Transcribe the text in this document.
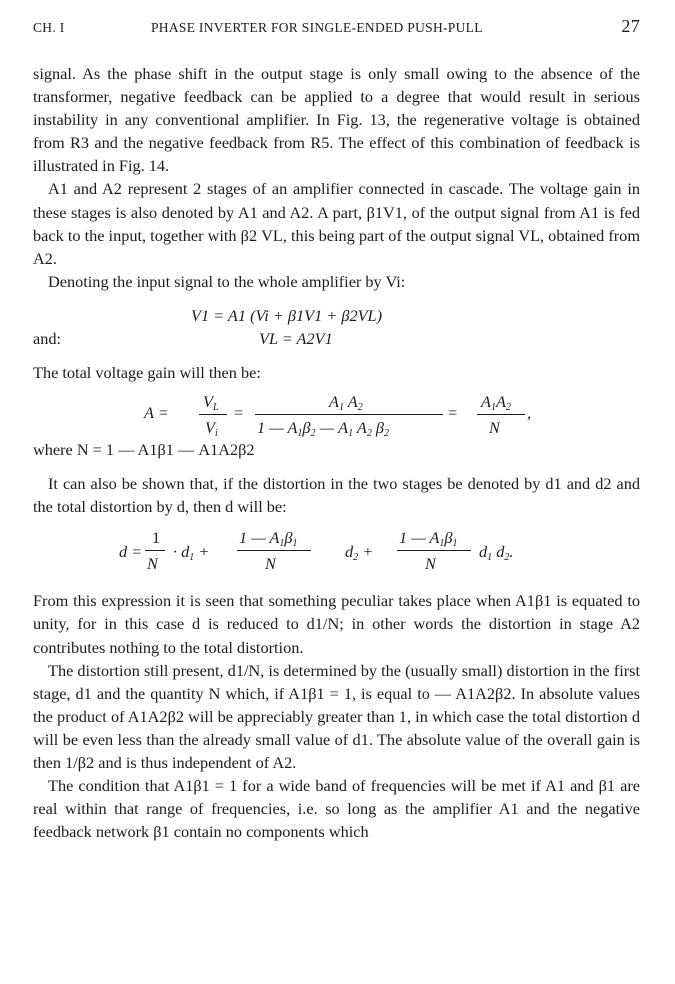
CH. I	PHASE INVERTER FOR SINGLE-ENDED PUSH-PULL	27

signal. As the phase shift in the output stage is only small owing to the absence of the transformer, negative feedback can be applied to a degree that would result in serious instability in any conventional amplifier. In Fig. 13, the regenerative voltage is obtained from R3 and the negative feedback from R5. The effect of this combination of feedback is illustrated in Fig. 14.

A1 and A2 represent 2 stages of an amplifier connected in cascade. The voltage gain in these stages is also denoted by A1 and A2. A part, β1V1, of the output signal from A1 is fed back to the input, together with β2 VL, this being part of the output signal VL, obtained from A2.

Denoting the input signal to the whole amplifier by Vi:

V1 = A1 (Vi + β1V1 + β2VL)
and:	VL = A2V1

The total voltage gain will then be:

A =
$V_L$
$V_i$
=
$A_1$ $A_2$
1 — $A_1\beta_2$ — $A_1$ $A_2$ $\beta_2$
=
$A_1A_2$
N
,

where N = 1 — A1β1 — A1A2β2

It can also be shown that, if the distortion in the two stages be denoted by d1 and d2 and the total distortion by d, then d will be:

d =
1
N
· $d_1$ +
1 — $A_1\beta_1$
N
$d_2$ +
1 — $A_1\beta_1$
N
$d_1$ $d_2$.

From this expression it is seen that something peculiar takes place when A1β1 is equated to unity, for in this case d is reduced to d1/N; in other words the distortion in stage A2 contributes nothing to the total distortion.

The distortion still present, d1/N, is determined by the (usually small) distortion in the first stage, d1 and the quantity N which, if A1β1 = 1, is equal to — A1A2β2. In absolute values the product of A1A2β2 will be appreciably greater than 1, in which case the total distortion d will be even less than the already small value of d1. The absolute value of the overall gain is then 1/β2 and is thus independent of A2.

The condition that A1β1 = 1 for a wide band of frequencies will be met if A1 and β1 are real within that range of frequencies, i.e. so long as the amplifier A1 and the negative feedback network β1 contain no components which
